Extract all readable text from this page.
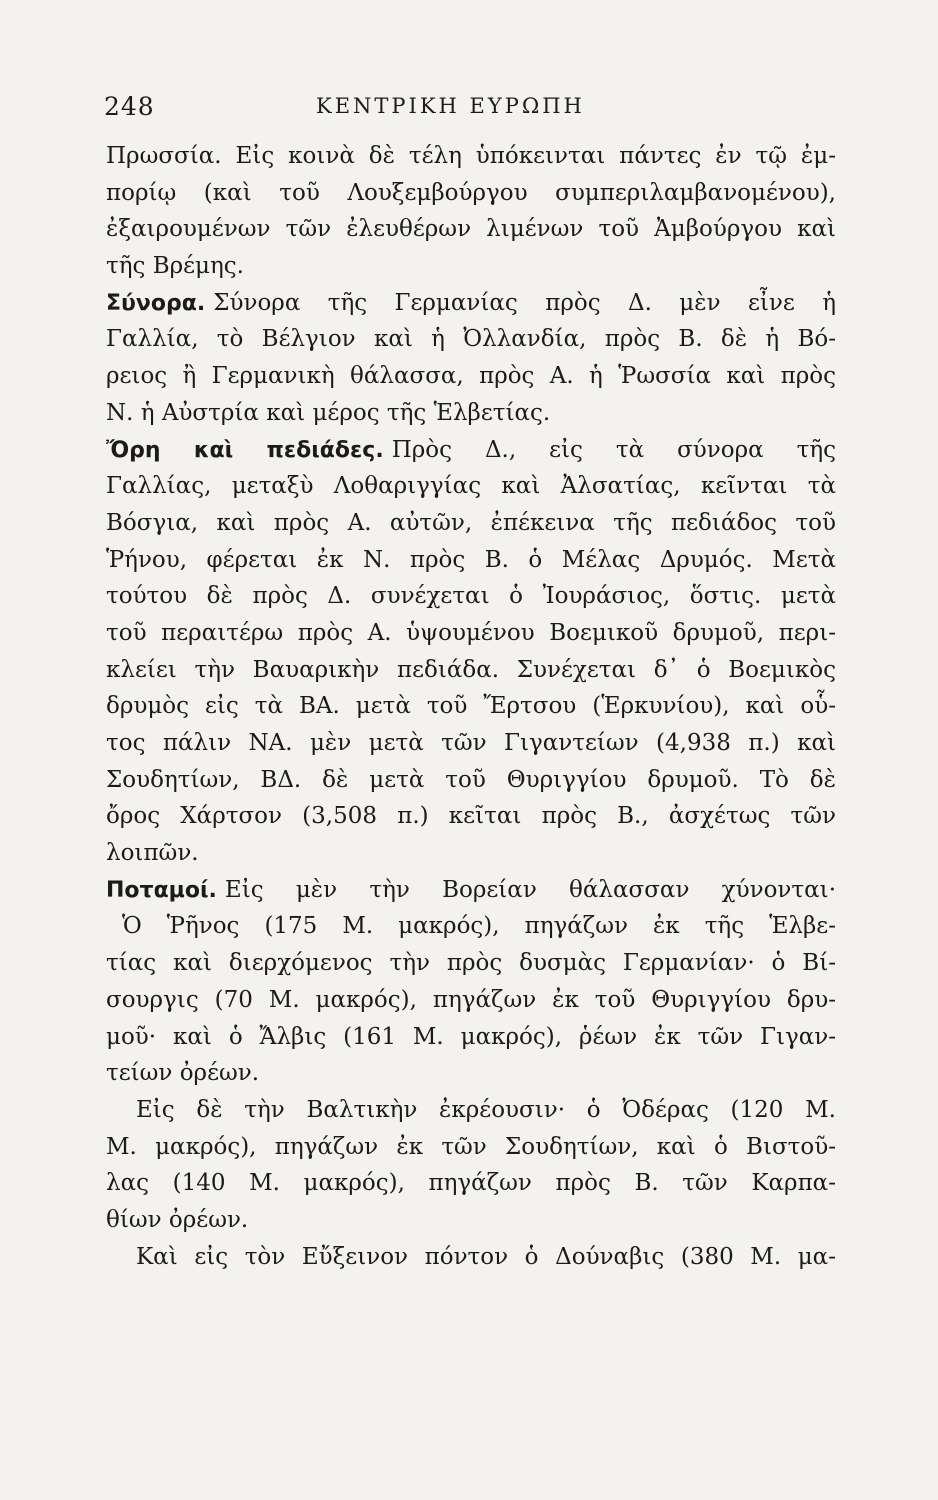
248	ΚΕΝΤΡΙΚΗ ΕΥΡΩΠΗ
Πρωσσία. Εἰς κοινὰ δὲ τέλη ὑπόκεινται πάντες ἐν τῷ ἐμ-
πορίῳ (καὶ τοῦ Λουξεμβούργου συμπεριλαμβανομένου),
ἐξαιρουμένων τῶν ἐλευθέρων λιμένων τοῦ Ἀμβούργου καὶ
τῆς Βρέμης.
Σύνορα. Σύνορα τῆς Γερμανίας πρὸς Δ. μὲν εἶνε ἡ
Γαλλία, τὸ Βέλγιον καὶ ἡ Ὀλλανδία, πρὸς Β. δὲ ἡ Βό-
ρειος ἢ Γερμανικὴ θάλασσα, πρὸς Α. ἡ Ῥωσσία καὶ πρὸς
Ν. ἡ Αὐστρία καὶ μέρος τῆς Ἑλβετίας.
Ὄρη καὶ πεδιάδες. Πρὸς Δ., εἰς τὰ σύνορα τῆς
Γαλλίας, μεταξὺ Λοθαριγγίας καὶ Ἀλσατίας, κεῖνται τὰ
Βόσγια, καὶ πρὸς Α. αὐτῶν, ἐπέκεινα τῆς πεδιάδος τοῦ
Ῥήνου, φέρεται ἐκ Ν. πρὸς Β. ὁ Μέλας Δρυμός. Μετὰ
τούτου δὲ πρὸς Δ. συνέχεται ὁ Ἰουράσιος, ὅστις. μετὰ
τοῦ περαιτέρω πρὸς Α. ὑψουμένου Βοεμικοῦ δρυμοῦ, περι-
κλείει τὴν Βαυαρικὴν πεδιάδα. Συνέχεται δ᾽ ὁ Βοεμικὸς
δρυμὸς εἰς τὰ ΒΑ. μετὰ τοῦ Ἔρτσου (Ἑρκυνίου), καὶ οὗ-
τος πάλιν ΝΑ. μὲν μετὰ τῶν Γιγαντείων (4,938 π.) καὶ
Σουδητίων, ΒΔ. δὲ μετὰ τοῦ Θυριγγίου δρυμοῦ. Τὸ δὲ
ὄρος Χάρτσον (3,508 π.) κεῖται πρὸς Β., ἀσχέτως τῶν
λοιπῶν.
Ποταμοί. Εἰς μὲν τὴν Βορείαν θάλασσαν χύνονται·
Ὁ Ῥῆνος (175 Μ. μακρός), πηγάζων ἐκ τῆς Ἑλβε-
τίας καὶ διερχόμενος τὴν πρὸς δυσμὰς Γερμανίαν· ὁ Βί-
σουργις (70 Μ. μακρός), πηγάζων ἐκ τοῦ Θυριγγίου δρυ-
μοῦ· καὶ ὁ Ἄλβις (161 Μ. μακρός), ῥέων ἐκ τῶν Γιγαν-
τείων ὀρέων.
Εἰς δὲ τὴν Βαλτικὴν ἐκρέουσιν· ὁ Ὀδέρας (120 Μ.
Μ. μακρός), πηγάζων ἐκ τῶν Σουδητίων, καὶ ὁ Βιστοῦ-
λας (140 Μ. μακρός), πηγάζων πρὸς Β. τῶν Καρπα-
θίων ὀρέων.
Καὶ εἰς τὸν Εὔξεινον πόντον ὁ Δούναβις (380 Μ. μα-
